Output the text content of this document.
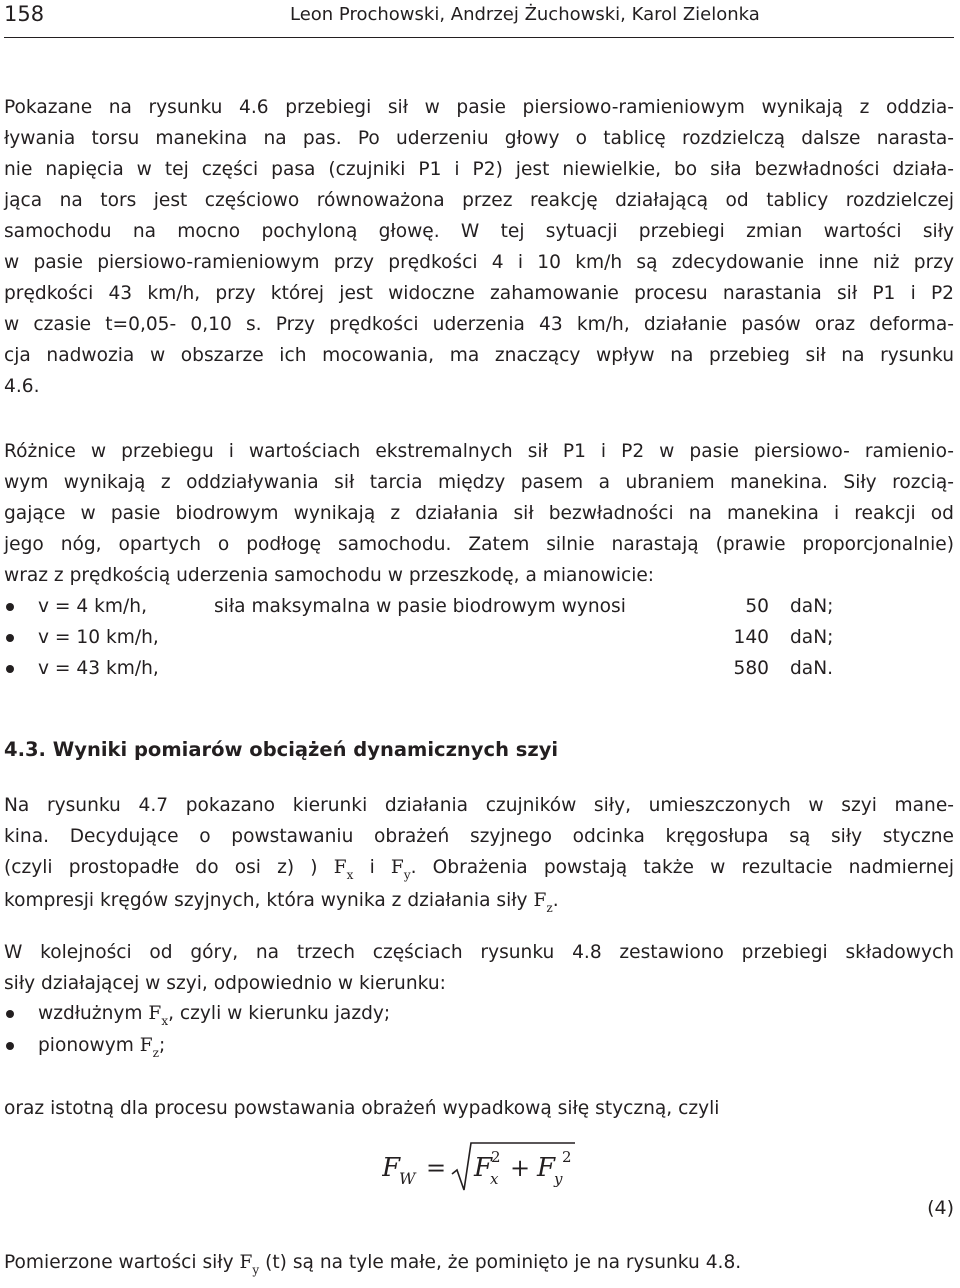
158	Leon Prochowski, Andrzej Żuchowski, Karol Zielonka
Pokazane na rysunku 4.6 przebiegi sił w pasie piersiowo-ramieniowym wynikają z oddzia-
ływania torsu manekina na pas. Po uderzeniu głowy o tablicę rozdzielczą dalsze narasta-
nie napięcia w tej części pasa (czujniki P1 i P2) jest niewielkie, bo siła bezwładności działa-
jąca na tors jest częściowo równoważona przez reakcję działającą od tablicy rozdzielczej
samochodu na mocno pochyloną głowę. W tej sytuacji przebiegi zmian wartości siły
w pasie piersiowo-ramieniowym przy prędkości 4 i 10 km/h są zdecydowanie inne niż przy
prędkości 43 km/h, przy której jest widoczne zahamowanie procesu narastania sił P1 i P2
w czasie t=0,05- 0,10 s. Przy prędkości uderzenia 43 km/h, działanie pasów oraz deforma-
cja nadwozia w obszarze ich mocowania, ma znaczący wpływ na przebieg sił na rysunku
4.6.
Różnice w przebiegu i wartościach ekstremalnych sił P1 i P2 w pasie piersiowo- ramienio-
wym wynikają z oddziaływania sił tarcia między pasem a ubraniem manekina. Siły rozcią-
gające w pasie biodrowym wynikają z działania sił bezwładności na manekina i reakcji od
jego nóg, opartych o podłogę samochodu. Zatem silnie narastają (prawie proporcjonalnie)
wraz z prędkością uderzenia samochodu w przeszkodę, a mianowicie:
v = 4 km/h,	siła maksymalna w pasie biodrowym wynosi	50 daN;
v = 10 km/h,	140 daN;
v = 43 km/h,	580 daN.
4.3. Wyniki pomiarów obciążeń dynamicznych szyi
Na rysunku 4.7 pokazano kierunki działania czujników siły, umieszczonych w szyi mane-
kina. Decydujące o powstawaniu obrażeń szyjnego odcinka kręgosłupa są siły styczne
(czyli prostopadłe do osi z) ) $F_x$ i $F_y$. Obrażenia powstają także w rezultacie nadmiernej
kompresji kręgów szyjnych, która wynika z działania siły $F_z$.
W kolejności od góry, na trzech częściach rysunku 4.8 zestawiono przebiegi składowych
siły działającej w szyi, odpowiednio w kierunku:
wzdłużnym $F_x$, czyli w kierunku jazdy;
pionowym $F_z$;
oraz istotną dla procesu powstawania obrażeń wypadkową siłę styczną, czyli
F
W = F
x
2 + F
y
2
(4)
Pomierzone wartości siły $F_y$ (t) są na tyle małe, że pominięto je na rysunku 4.8.
